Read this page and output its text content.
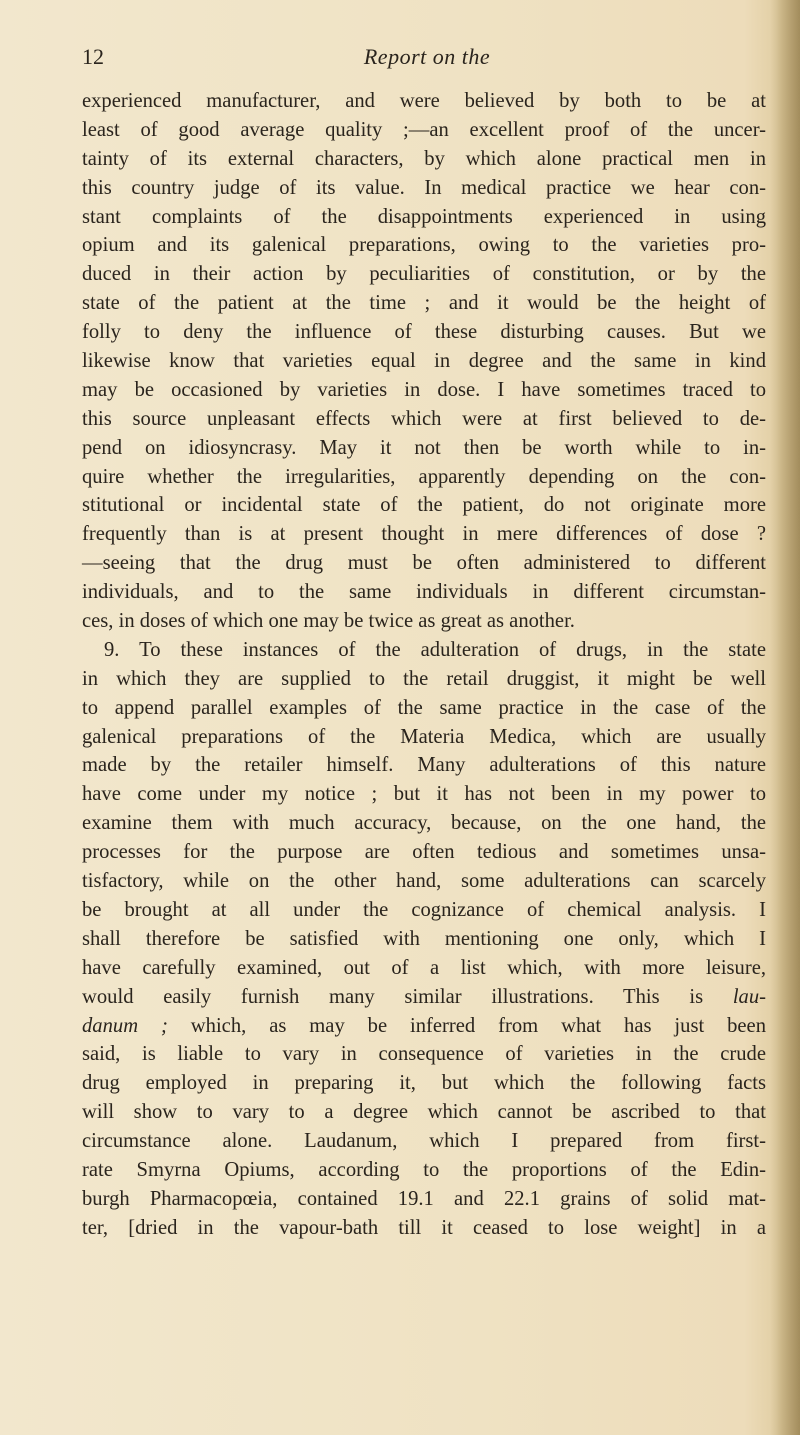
12	Report on the
experienced manufacturer, and were believed by both to be at
least of good average quality ;—an excellent proof of the uncer-
tainty of its external characters, by which alone practical men in
this country judge of its value. In medical practice we hear con-
stant complaints of the disappointments experienced in using
opium and its galenical preparations, owing to the varieties pro-
duced in their action by peculiarities of constitution, or by the
state of the patient at the time ; and it would be the height of
folly to deny the influence of these disturbing causes. But we
likewise know that varieties equal in degree and the same in kind
may be occasioned by varieties in dose. I have sometimes traced to
this source unpleasant effects which were at first believed to de-
pend on idiosyncrasy. May it not then be worth while to in-
quire whether the irregularities, apparently depending on the con-
stitutional or incidental state of the patient, do not originate more
frequently than is at present thought in mere differences of dose ?
—seeing that the drug must be often administered to different
individuals, and to the same individuals in different circumstan-
ces, in doses of which one may be twice as great as another.
9. To these instances of the adulteration of drugs, in the state
in which they are supplied to the retail druggist, it might be well
to append parallel examples of the same practice in the case of the
galenical preparations of the Materia Medica, which are usually
made by the retailer himself. Many adulterations of this nature
have come under my notice ; but it has not been in my power to
examine them with much accuracy, because, on the one hand, the
processes for the purpose are often tedious and sometimes unsa-
tisfactory, while on the other hand, some adulterations can scarcely
be brought at all under the cognizance of chemical analysis. I
shall therefore be satisfied with mentioning one only, which I
have carefully examined, out of a list which, with more leisure,
would easily furnish many similar illustrations. This is lau-
danum ; which, as may be inferred from what has just been
said, is liable to vary in consequence of varieties in the crude
drug employed in preparing it, but which the following facts
will show to vary to a degree which cannot be ascribed to that
circumstance alone. Laudanum, which I prepared from first-
rate Smyrna Opiums, according to the proportions of the Edin-
burgh Pharmacopœia, contained 19.1 and 22.1 grains of solid mat-
ter, [dried in the vapour-bath till it ceased to lose weight] in a
